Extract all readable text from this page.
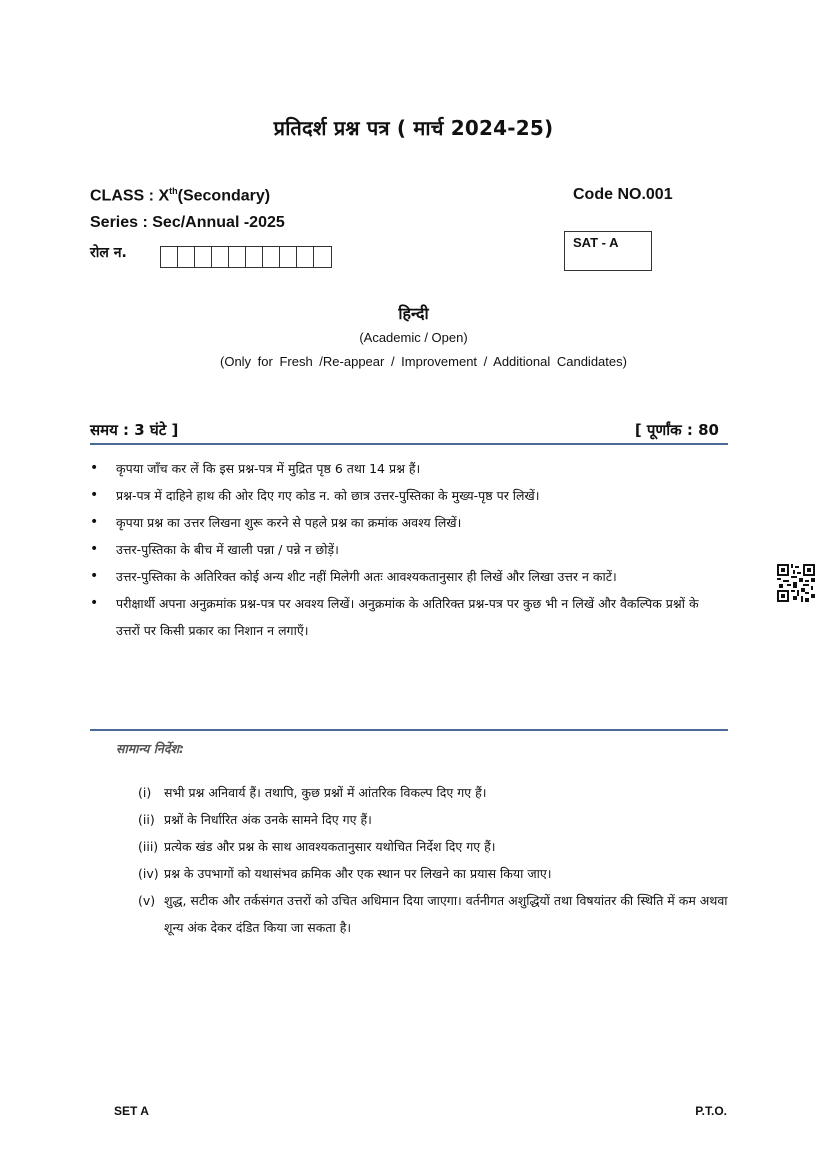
प्रतिदर्श प्रश्न पत्र ( मार्च 2024-25)
CLASS : Xth(Secondary)
Series : Sec/Annual -2025
रोल न.
Code NO.001
SAT - A
हिन्दी
(Academic / Open)
(Only for Fresh /Re-appear / Improvement / Additional Candidates)
समय : 3 घंटे ]	[ पूर्णांक : 80
• कृपया जाँच कर लें कि इस प्रश्न-पत्र में मुद्रित पृष्ठ 6 तथा 14 प्रश्न हैं।
• प्रश्न-पत्र में दाहिने हाथ की ओर दिए गए कोड न. को छात्र उत्तर-पुस्तिका के मुख्य-पृष्ठ पर लिखें।
• कृपया प्रश्न का उत्तर लिखना शुरू करने से पहले प्रश्न का क्रमांक अवश्य लिखें।
• उत्तर-पुस्तिका के बीच में खाली पन्ना / पन्ने न छोड़ें।
• उत्तर-पुस्तिका के अतिरिक्त कोई अन्य शीट नहीं मिलेगी अतः आवश्यकतानुसार ही लिखें और लिखा उत्तर न काटें।
• परीक्षार्थी अपना अनुक्रमांक प्रश्न-पत्र पर अवश्य लिखें। अनुक्रमांक के अतिरिक्त प्रश्न-पत्र पर कुछ भी न लिखें और वैकल्पिक प्रश्नों के उत्तरों पर किसी प्रकार का निशान न लगाएँ।
सामान्य निर्देश:
(i) सभी प्रश्न अनिवार्य हैं। तथापि, कुछ प्रश्नों में आंतरिक विकल्प दिए गए हैं।
(ii) प्रश्नों के निर्धारित अंक उनके सामने दिए गए हैं।
(iii) प्रत्येक खंड और प्रश्न के साथ आवश्यकतानुसार यथोचित निर्देश दिए गए हैं।
(iv) प्रश्न के उपभागों को यथासंभव क्रमिक और एक स्थान पर लिखने का प्रयास किया जाए।
(v) शुद्ध, सटीक और तर्कसंगत उत्तरों को उचित अधिमान दिया जाएगा। वर्तनीगत अशुद्धियों तथा विषयांतर की स्थिति में कम अथवा शून्य अंक देकर दंडित किया जा सकता है।
SET A	P.T.O.
